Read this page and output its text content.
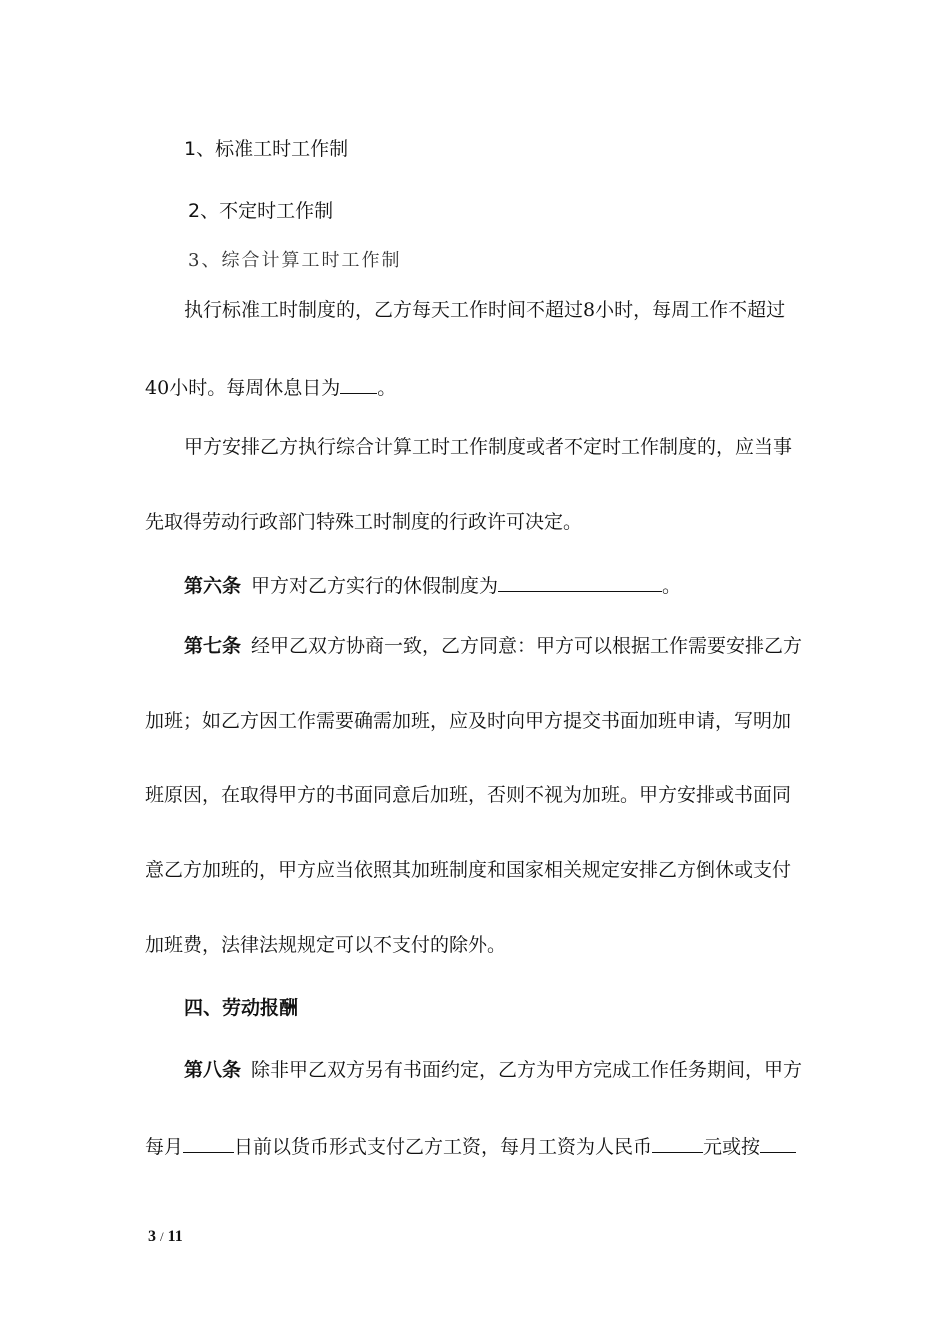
1、标准工时工作制
2、不定时工作制
3、综合计算工时工作制
执行标准工时制度的，乙方每天工作时间不超过8小时，每周工作不超过
40小时。每周休息日为 。
甲方安排乙方执行综合计算工时工作制度或者不定时工作制度的，应当事
先取得劳动行政部门特殊工时制度的行政许可决定。
第六条 甲方对乙方实行的休假制度为	。
第七条 经甲乙双方协商一致，乙方同意：甲方可以根据工作需要安排乙方
加班；如乙方因工作需要确需加班，应及时向甲方提交书面加班申请，写明加
班原因，在取得甲方的书面同意后加班，否则不视为加班。甲方安排或书面同
意乙方加班的，甲方应当依照其加班制度和国家相关规定安排乙方倒休或支付
加班费，法律法规规定可以不支付的除外。
四、劳动报酬
第八条 除非甲乙双方另有书面约定，乙方为甲方完成工作任务期间，甲方
每月	日前以货币形式支付乙方工资，每月工资为人民币	元或按
3 / 11
